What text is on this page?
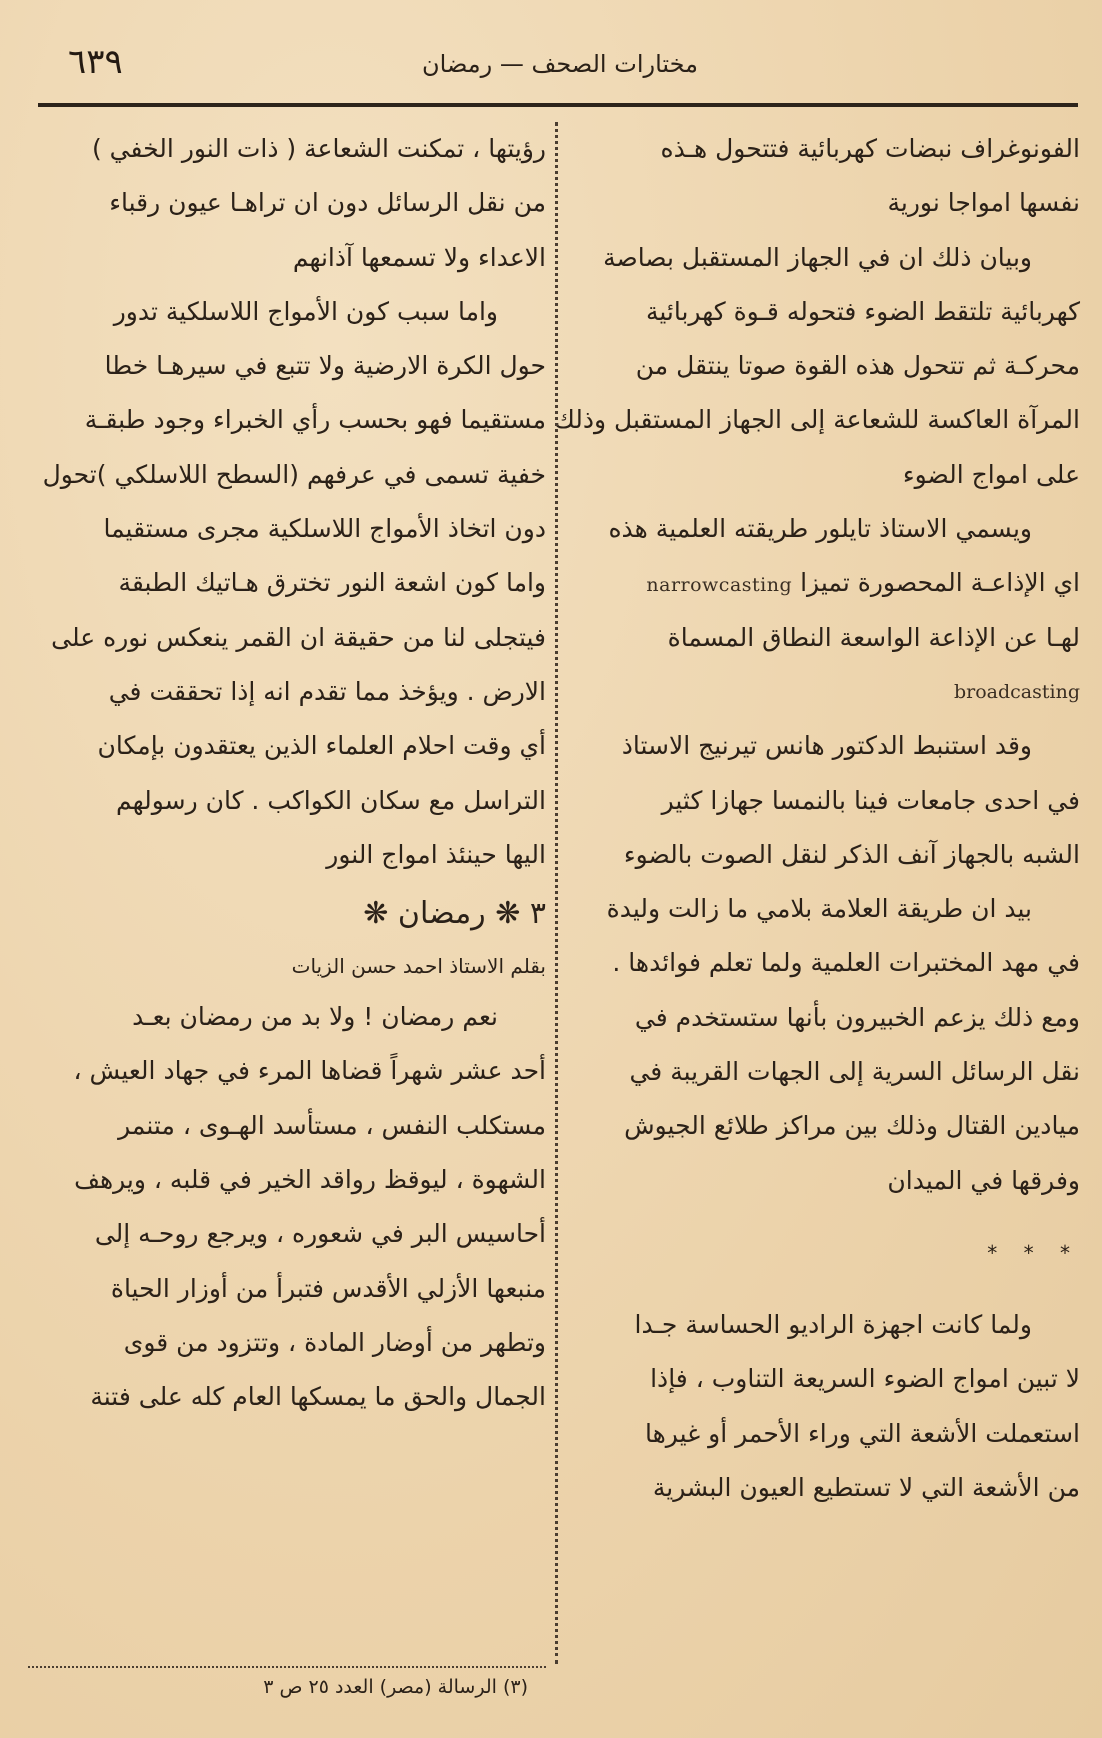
٦٣٩	مختارات الصحف — رمضان
الفونوغراف نبضات كهربائية فتتحول هـذه
نفسها امواجا نورية
وبيان ذلك ان في الجهاز المستقبل بصاصة
كهربائية تلتقط الضوء فتحوله قـوة كهربائية
محركـة ثم تتحول هذه القوة صوتا ينتقل من
المرآة العاكسة للشعاعة إلى الجهاز المستقبل وذلك
على امواج الضوء
ويسمي الاستاذ تايلور طريقته العلمية هذه
اي الإذاعـة المحصورة تميزا narrowcasting
لهـا عن الإذاعة الواسعة النطاق المسماة
broadcasting
وقد استنبط الدكتور هانس تيرنيج الاستاذ
في احدى جامعات فينا بالنمسا جهازا كثير
الشبه بالجهاز آنف الذكر لنقل الصوت بالضوء
بيد ان طريقة العلامة بلامي ما زالت وليدة
في مهد المختبرات العلمية ولما تعلم فوائدها .
ومع ذلك يزعم الخبيرون بأنها ستستخدم في
نقل الرسائل السرية إلى الجهات القريبة في
ميادين القتال وذلك بين مراكز طلائع الجيوش
وفرقها في الميدان
* * *
ولما كانت اجهزة الراديو الحساسة جـدا
لا تبين امواج الضوء السريعة التناوب ، فإذا
استعملت الأشعة التي وراء الأحمر أو غيرها
من الأشعة التي لا تستطيع العيون البشرية
رؤيتها ، تمكنت الشعاعة ( ذات النور الخفي )
من نقل الرسائل دون ان تراهـا عيون رقباء
الاعداء ولا تسمعها آذانهم
واما سبب كون الأمواج اللاسلكية تدور
حول الكرة الارضية ولا تتبع في سيرهـا خطا
مستقيما فهو بحسب رأي الخبراء وجود طبقـة
خفية تسمى في عرفهم (السطح اللاسلكي )تحول
دون اتخاذ الأمواج اللاسلكية مجرى مستقيما
واما كون اشعة النور تخترق هـاتيك الطبقة
فيتجلى لنا من حقيقة ان القمر ينعكس نوره على
الارض . ويؤخذ مما تقدم انه إذا تحققت في
أي وقت احلام العلماء الذين يعتقدون بإمكان
التراسل مع سكان الكواكب . كان رسولهم
اليها حينئذ امواج النور
٣ ❋ رمضان ❋
بقلم الاستاذ احمد حسن الزيات
نعم رمضان ! ولا بد من رمضان بعـد
أحد عشر شهراً قضاها المرء في جهاد العيش ،
مستكلب النفس ، مستأسد الهـوى ، متنمر
الشهوة ، ليوقظ رواقد الخير في قلبه ، ويرهف
أحاسيس البر في شعوره ، ويرجع روحـه إلى
منبعها الأزلي الأقدس فتبرأ من أوزار الحياة
وتطهر من أوضار المادة ، وتتزود من قوى
الجمال والحق ما يمسكها العام كله على فتنة
(٣) الرسالة (مصر) العدد ٢٥ ص ٣
